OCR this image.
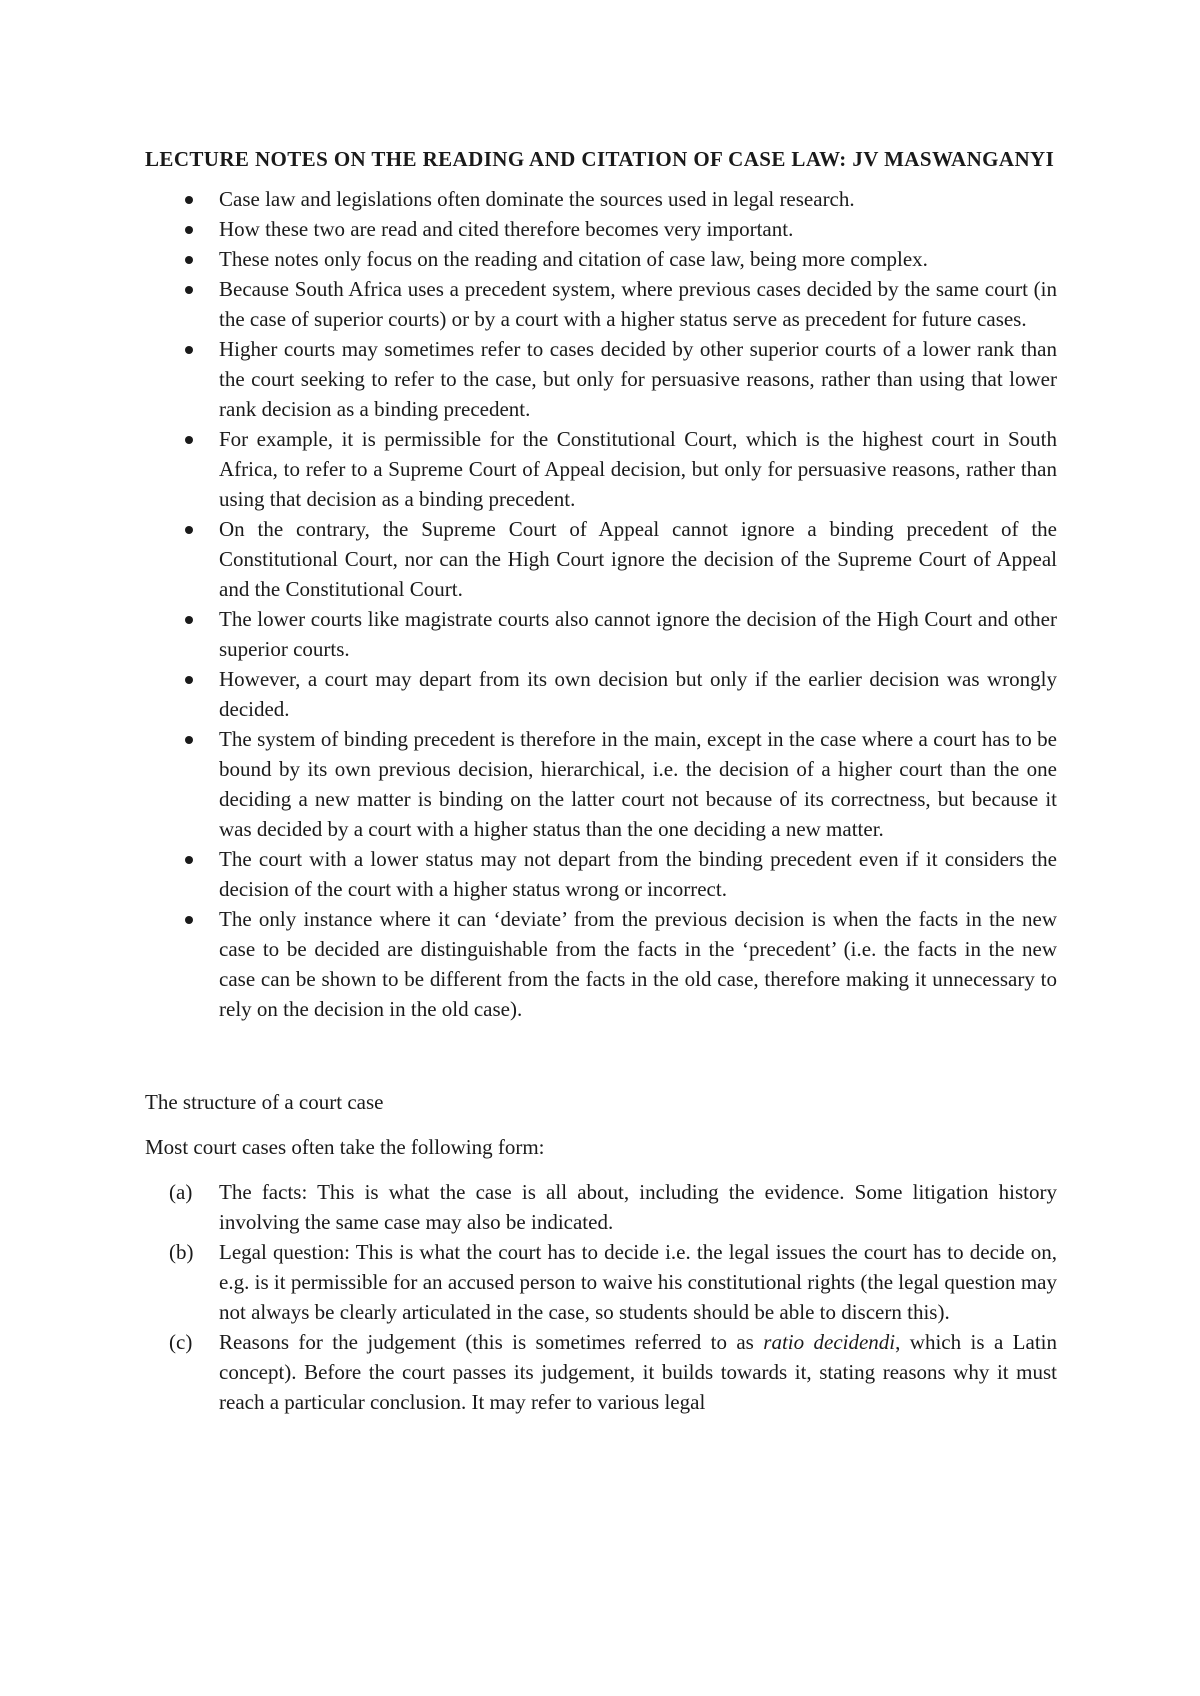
LECTURE NOTES ON THE READING AND CITATION OF CASE LAW: JV MASWANGANYI
Case law and legislations often dominate the sources used in legal research.
How these two are read and cited therefore becomes very important.
These notes only focus on the reading and citation of case law, being more complex.
Because South Africa uses a precedent system, where previous cases decided by the same court (in the case of superior courts) or by a court with a higher status serve as precedent for future cases.
Higher courts may sometimes refer to cases decided by other superior courts of a lower rank than the court seeking to refer to the case, but only for persuasive reasons, rather than using that lower rank decision as a binding precedent.
For example, it is permissible for the Constitutional Court, which is the highest court in South Africa, to refer to a Supreme Court of Appeal decision, but only for persuasive reasons, rather than using that decision as a binding precedent.
On the contrary, the Supreme Court of Appeal cannot ignore a binding precedent of the Constitutional Court, nor can the High Court ignore the decision of the Supreme Court of Appeal and the Constitutional Court.
The lower courts like magistrate courts also cannot ignore the decision of the High Court and other superior courts.
However, a court may depart from its own decision but only if the earlier decision was wrongly decided.
The system of binding precedent is therefore in the main, except in the case where a court has to be bound by its own previous decision, hierarchical, i.e. the decision of a higher court than the one deciding a new matter is binding on the latter court not because of its correctness, but because it was decided by a court with a higher status than the one deciding a new matter.
The court with a lower status may not depart from the binding precedent even if it considers the decision of the court with a higher status wrong or incorrect.
The only instance where it can ‘deviate’ from the previous decision is when the facts in the new case to be decided are distinguishable from the facts in the ‘precedent’ (i.e. the facts in the new case can be shown to be different from the facts in the old case, therefore making it unnecessary to rely on the decision in the old case).

The structure of a court case

Most court cases often take the following form:

(a) The facts: This is what the case is all about, including the evidence. Some litigation history involving the same case may also be indicated.
(b) Legal question: This is what the court has to decide i.e. the legal issues the court has to decide on, e.g. is it permissible for an accused person to waive his constitutional rights (the legal question may not always be clearly articulated in the case, so students should be able to discern this).
(c) Reasons for the judgement (this is sometimes referred to as ratio decidendi, which is a Latin concept). Before the court passes its judgement, it builds towards it, stating reasons why it must reach a particular conclusion. It may refer to various legal
